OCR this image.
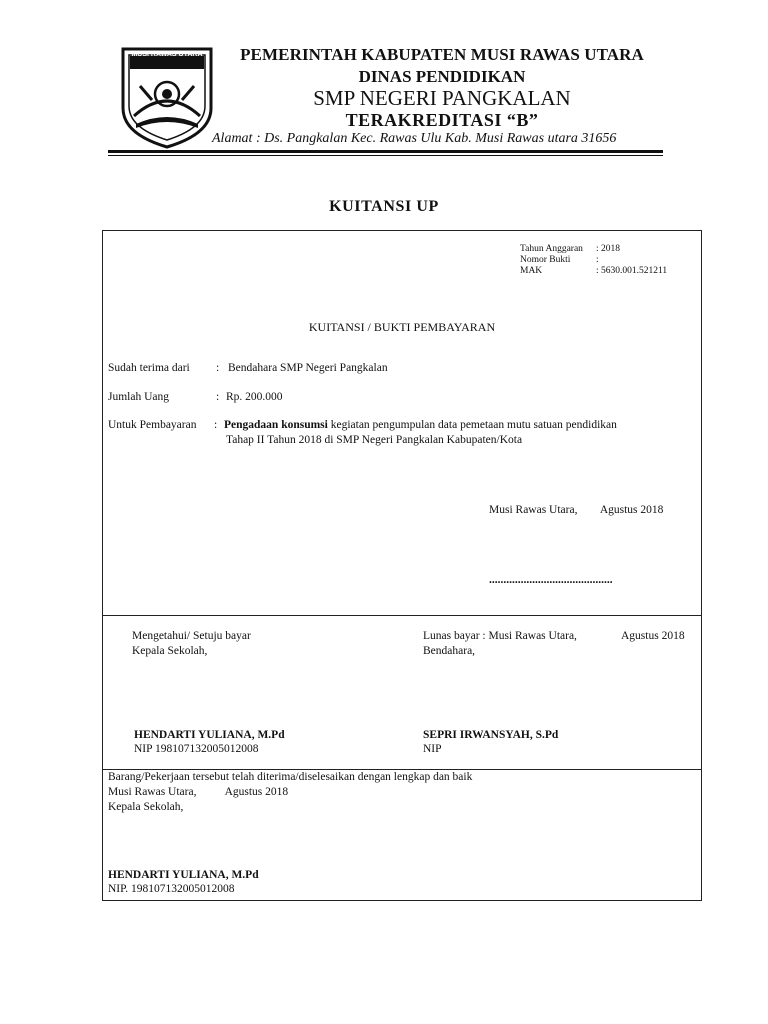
MUSI RAWAS UTARA	PEMERINTAH KABUPATEN MUSI RAWAS UTARA
DINAS PENDIDIKAN
SMP NEGERI PANGKALAN
TERAKREDITASI “B”
Alamat : Ds. Pangkalan Kec. Rawas Ulu Kab. Musi Rawas utara 31656
KUITANSI UP
Tahun Anggaran : 2018
Nomor Bukti	:
MAK	: 5630.001.521211
KUITANSI / BUKTI PEMBAYARAN
Sudah terima dari : Bendahara SMP Negeri Pangkalan
Jumlah Uang	: Rp. 200.000
Untuk Pembayaran : Pengadaan konsumsi kegiatan pengumpulan data pemetaan mutu satuan pendidikan
Tahap II Tahun 2018 di SMP Negeri Pangkalan Kabupaten/Kota
Musi Rawas Utara,        Agustus 2018
...........................................
Mengetahui/ Setuju bayar
Kepala Sekolah,
HENDARTI YULIANA, M.Pd
NIP 198107132005012008
Lunas bayar : Musi Rawas Utara,	Agustus 2018
Bendahara,
SEPRI IRWANSYAH, S.Pd
NIP
Barang/Pekerjaan tersebut telah diterima/diselesaikan dengan lengkap dan baik
Musi Rawas Utara,          Agustus 2018
Kepala Sekolah,
HENDARTI YULIANA, M.Pd
NIP. 198107132005012008
